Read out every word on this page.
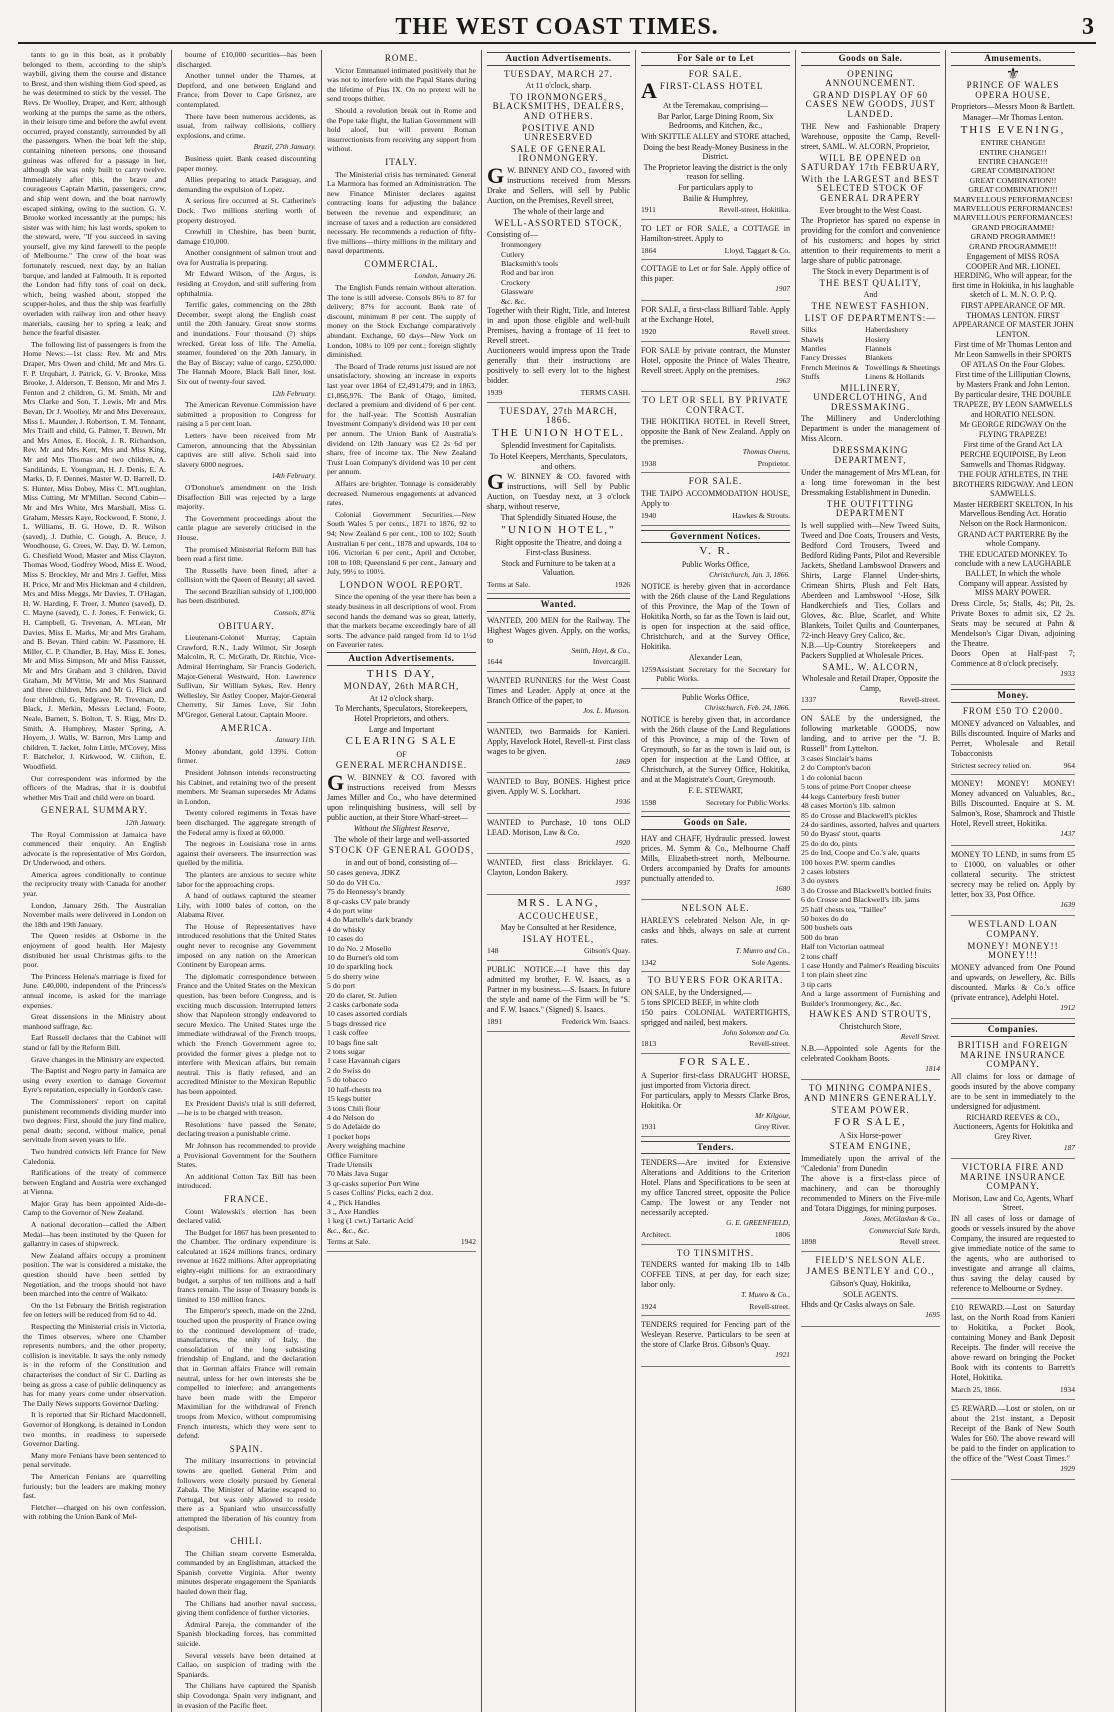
THE WEST COAST TIMES.	3

tants to go in this boat, as it probably belonged to them, according to the ship's waybill, giving them the course and distance to Brest, and then wishing them God speed, as he was determined to stick by the vessel. The Revs. Dr Woolley, Draper, and Kerr, although working at the pumps the same as the others, in their leisure time and before the awful event occurred, prayed constantly, surrounded by all the passengers. When the boat left the ship, containing nineteen persons, one thousand guineas was offered for a passage in her, although she was only built to carry twelve. Immediately after this, the brave and courageous Captain Martin, passengers, crew, and ship went down, and the boat narrowly escaped sinking, owing to the suction. G. V. Brooke worked incessantly at the pumps; his sister was with him; his last words, spoken to the steward, were, "If you succeed in saving yourself, give my kind farewell to the people of Melbourne." The crew of the boat was fortunately rescued, next day, by an Italian barque, and landed at Falmouth. It is reported the London had fifty tons of coal on deck, which, being washed about, stopped the scupper-holes, and thus the ship was fearfully overladen with railway iron and other heavy materials, causing her to spring a leak; and hence the fearful disaster.

The following list of passengers is from the Home News:—1st class: Rev. Mr and Mrs Draper, Mrs Owen and child, Mr and Mrs G. F. P. Urquhart, J. Patrick, G. V. Brooke, Miss Brooke, J. Alderson, T. Benson, Mr and Mrs J. Fenton and 2 children, G. M. Smith, Mr and Mrs Clarke and Son, T. Lewis, Mr and Mrs Bevan, Dr J. Woolley, Mr and Mrs Devereaux, Miss L. Maunder, J. Robertson, T. M. Tennant, Mrs Traill and child, G. Palmer, T. Brown, Mr and Mrs Amos, E. Hocok, J. R. Richardson, Rev. Mr and Mrs Kerr, Mrs and Miss King, Mr and Mrs Thomas and two children, A. Sandilands, E. Youngman, H. J. Denis, E. A. Marks, D. F. Dennes, Master W. D. Barrell, D. S. Hunter, Miss Dobey, Miss C. M'Loughlan, Miss Cutting, Mr M'Millan. Second Cabin—Mr and Mrs White, Mrs Marshall, Miss G. Graham, Messrs Kaye, Rockwood, F. Stone, J. L. Williams, B. G. Howe, D. R. Wilson (saved), J. Duthie, C. Gough, A. Bruce, J. Woodhouse, G. Crees, W. Day, D. W. Lemon, G. Chesfield Wood, Master and Miss Clayton, Thomas Wood, Godfrey Wood, Miss E. Wood, Miss S. Brockley, Mr and Mrs J. Geffet, Miss H. Price, Mr and Mrs Hickman and 4 children, Mrs and Miss Meggs, Mr Davies, T. O'Hagan, H. W. Harding, F. Treer, J. Munro (saved), D. C. Mayne (saved), C. J. Jones, F. Fenwick, G. H. Campbell, G. Trevenan, A. M'Lean, Mr Davies, Miss E. Marks, Mr and Mrs Graham, and B. Bevan. Third cabin: W. Passmore, H. Miller, C. P. Chandler, B. Hay, Miss E. Jones, Mr and Miss Simpson, Mr and Miss Fausset, Mr and Mrs Graham and 3 children, David Graham, Mr M'Vittie, Mr and Mrs Stannard and three children, Mrs and Mr G. Flick and four children, G. Redgrave, R. Trevenan, D. Black, J. Merkin, Messrs Lecland, Foote, Neale, Barnett, S. Bolton, T. S. Rigg, Mrs D. Smith, A. Humphrey, Master Spring, A. Hoyem, J. Walls, W. Barron, Mrs Lamp and children, T. Jacket, John Little, M'Covey, Miss F. Batchelor, J. Kirkwood, W. Clifton, E. Woodfield.

Our correspondent was informed by the officers of the Madras, that it is doubtful whether Mrs Trail and child were on board.

GENERAL SUMMARY.
12th January.

The Royal Commission at Jamaica have commenced their enquiry. An English advocate is the representative of Mrs Gordon, Dr Underwood, and others.

America agrees conditionally to continue the reciprocity treaty with Canada for another year.

London, January 26th. The Australian November mails were delivered in London on the 18th and 19th January.

The Queen resides at Osborne in the enjoyment of good health. Her Majesty distributed her usual Christmas gifts to the poor.

The Princess Helena's marriage is fixed for June. £40,000, independent of the Princess's annual income, is asked for the marriage expenses.

Great dissensions in the Ministry about manhood suffrage, &c.

Earl Russell declares that the Cabinet will stand or fall by the Reform Bill.

Grave changes in the Ministry are expected.

The Baptist and Negro party in Jamaica are using every exertion to damage Governor Eyre's reputation, especially in Gordon's case.

The Commissioners' report on capital punishment recommends dividing murder into two degrees: First, should the jury find malice, penal death; second, without malice, penal servitude from seven years to life.

Two hundred convicts left France for New Caledonia.

Ratifications of the treaty of commerce between England and Austria were exchanged at Vienna.

Major Gray has been appointed Aide-de-Camp to the Governor of New Zealand.

A national decoration—called the Albert Medal—has been instituted by the Queen for gallantry in cases of shipwreck.

New Zealand affairs occupy a prominent position. The war is considered a mistake, the question should have been settled by Negotiation, and the troops should not have been marched into the centre of Waikato.

On the 1st February the British registration fee on letters will be reduced from 6d to 4d.

Respecting the Ministerial crisis in Victoria, the Times observes, where one Chamber represents numbers, and the other property, collision is inevitable. It says the only remedy is in the reform of the Constitution and characterises the conduct of Sir C. Darling as being as gross a case of public delinquency as has for many years come under observation. The Daily News supports Governor Darling.

It is reported that Sir Richard Macdonnell, Governor of Hongkong, is detained in London two months, in readiness to supersede Governor Darling.

Many more Fenians have been sentenced to penal servitude.

The American Fenians are quarrelling furiously; but the leaders are making money fast.

Fletcher—charged on his own confession, with robbing the Union Bank of Mel-

bourne of £10,000 securities—has been discharged.

Another tunnel under the Thames, at Deptford, and one between England and France, from Dover to Cape Grisnez, are contemplated.

There have been numerous accidents, as usual, from railway collisions, colliery explosions, and crime.

Brazil, 27th January.

Business quiet. Bank ceased discounting paper money.

Allies preparing to attack Paraguay, and demanding the expulsion of Lopez.

A serious fire occurred at St. Catherine's Dock. Two millions sterling worth of property destroyed.

Crewhill in Cheshire, has been burnt, damage £10,000.

Another consignment of salmon trout and ova for Australia is preparing.

Mr Edward Wilson, of the Argus, is residing at Croydon, and still suffering from ophthalmia.

Terrific gales, commencing on the 28th December, swept along the English coast until the 20th January. Great snow storms and inundations. Four thousand (?) ships wrecked. Great loss of life. The Amelia, steamer, foundered on the 20th January, in the Bay of Biscay; value of cargo, £250,000. The Hannah Moore, Black Ball liner, lost. Six out of twenty-four saved.

12th February.

The American Revenue Commission have submitted a proposition to Congress for raising a 5 per cent loan.

Letters have been received from Mr Cameron, announcing that the Abyssinian captives are still alive. Scholi said into slavery 6000 negroes.

14th February.

O'Donohue's amendment on the Irish Disaffection Bill was rejected by a large majority.

The Government proceedings about the cattle plague are severely criticised in the House.

The promised Ministerial Reform Bill has been read a first time.

The Russells have been fined, after a collision with the Queen of Beauty; all saved.

The second Brazilian subsidy of 1,100,000 has been distributed.

Consols, 87¼.
OBITUARY.

Lieutenant-Colonel Murray, Captain Crawford, R.N., Lady Wilmot, Sir Joseph Malcolm, R. C. McGrath, Dr. Ritchie, Vice-Admiral Herringham, Sir Francis Goderich, Major-General Westward, Hon. Lawrence Sullivan, Sir William Sykes, Rev. Henry Wellesley, Sir Astley Cooper, Major-General Cherretty, Sir James Love, Sir John M'Gregor, General Latour, Captain Moore.

AMERICA.
January 11th.

Money abundant, gold 139¾. Cotton firmer.

President Johnson intends reconstructing his Cabinet, and retaining two of the present members. Mr Seaman supersedes Mr Adams in London.

Twenty colored regiments in Texas have been discharged. The aggregate strength of the Federal army is fixed at 60,000.

The negroes in Louisiana rose in arms against their overseers. The insurrection was quelled by the militia.

The planters are anxious to secure white labor for the approaching crops.

A band of outlaws captured the steamer Lily, with 1000 bales of cotton, on the Alabama River.

The House of Representatives have introduced resolutions that the United States ought never to recognise any Government imposed on any nation on the American Continent by European arms.

The diplomatic correspondence between France and the United States on the Mexican question, has been before Congress, and is exciting much discussion. Interrupted letters show that Napoleon strongly endeavored to secure Mexico. The United States urge the immediate withdrawal of the French troops, which the French Government agree to, provided the former gives a pledge not to interfere with Mexican affairs, but remain neutral. This is flatly refused, and an accredited Minister to the Mexican Republic has been appointed.

Ex President Davis's trial is still deferred,—he is to be charged with treason.

Resolutions have passed the Senate, declaring treason a punishable crime.

Mr Johnson has recommended to provide a Provisional Government for the Southern States.

An additional Cotton Tax Bill has been introduced.

FRANCE.

Count Walewski's election has been declared valid.

The Budget for 1867 has been presented to the Chamber. The ordinary expenditure is calculated at 1624 millions francs, ordinary revenue at 1622 millions. After appropriating eighty-eight millions for an extraordinary budget, a surplus of ten millions and a half francs remain. The issue of Treasury bonds is limited to 150 million francs.

The Emperor's speech, made on the 22nd, touched upon the prosperity of France owing to the continued development of trade, manufactures, the unity of Italy, the consolidation of the long subsisting friendship of England, and the declaration that in German affairs France will remain neutral, unless for her own interests she be compelled to interfere; and arrangements have been made with the Emperor Maximilian for the withdrawal of French troops from Mexico, without compromising French interests, which they were sent to defend.

SPAIN.

The military insurrections in provincial towns are quelled. General Prim and followers were closely pursued by General Zabala. The Minister of Marine escaped to Portugal, but was only allowed to reside there as a Spaniard who unsuccessfully attempted the liberation of his country from despotism.

CHILI.

The Chilian steam corvette Esmeralda, commanded by an Englishman, attacked the Spanish corvette Virginia. After twenty minutes desperate engagement the Spaniards hauled down their flag.

The Chilians had another naval success, giving them confidence of further victories.

Admiral Pareja, the commander of the Spanish blockading forces, has committed suicide.

Several vessels have been detained at Callao, on suspicion of trading with the Spaniards.

The Chilians have captured the Spanish ship Covodonga. Spain very indignant, and in evasion of the Pacific fleet.

ROME.

Victor Emmanuel intimated positively that he was not to interfere with the Papal States during the lifetime of Pius IX. On no pretext will he send troops thither.

Should a revolution break out in Rome and the Pope take flight, the Italian Government will hold aloof, but will prevent Roman insurrectionists from receiving any support from without.

ITALY.

The Ministerial crisis has terminated. General La Marmora has formed an Administration. The new Finance Minister declares against contracting loans for adjusting the balance between the revenue and expenditure; an increase of taxes and a reduction are considered necessary. He recommends a reduction of fifty-five millions—thirty millions in the military and naval departments.

COMMERCIAL.
London, January 26.

The English Funds remain without alteration. The tone is still adverse. Consols 86¾ to 87 for delivery; 87⅛ for account. Bank rate of discount, minimum 8 per cent. The supply of money on the Stock Exchange comparatively abundant. Exchange, 60 days—New York on London, 108¼ to 109 per cent.; foreign slightly diminished.

The Board of Trade returns just issued are not unsatisfactory, showing an increase in exports last year over 1864 of £2,491,479; and in 1863, £1,866,976. The Bank of Otago, limited, declared a premium and dividend of 6 per cent. for the half-year. The Scottish Australian Investment Company's dividend was 10 per cent per annum. The Union Bank of Australia's dividend on 12th January was £2 2s 6d per share, free of income tax. The New Zealand Trust Loan Company's dividend was 10 per cent per annum.

Affairs are brighter. Tonnage is considerably decreased. Numerous engagements at advanced rates.

Colonial Government Securities.—New South Wales 5 per cents., 1871 to 1876, 92 to 94; New Zealand 6 per cent., 100 to 102; South Australian 6 per cent., 1878 and upwards, 104 to 106. Victorian 6 per cent., April and October, 108 to 108; Queensland 6 per cent., January and July, 99½ to 100½.

LONDON WOOL REPORT.

Since the opening of the year there has been a steady business in all descriptions of wool. From second hands the demand was so great, latterly, that the markets became exceedingly bare of all sorts. The advance paid ranged from 1d to 1½d on Faveurier rates.

Auction Advertisements.
THIS DAY,
MONDAY, 26th MARCH,
At 12 o'clock sharp.
To Merchants, Speculators, Storekeepers, Hotel Proprietors, and others.
Large and Important
CLEARING SALE
OF
GENERAL MERCHANDISE.
G W. BINNEY & CO. favored with instructions received from Messrs James Miller and Co., who have determined upon relinquishing business, will sell by public auction, at their Store Wharf-street—
Without the Slightest Reserve,
The whole of their large and well-assorted
STOCK OF GENERAL GOODS,
in and out of bond, consisting of—
50 cases geneva, JDKZ
50 do do VH Co.
75 do Hennessy's brandy
8 qr-casks CV pale brandy
4 do port wine
4 do Martelle's dark brandy
4 do whisky
10 cases do
10 do No. 2 Mosello
10 do Burnet's old tom
10 do sparkling hock
5 do sherry wine
5 do port
20 do claret, St. Julien
2 casks carbonate soda
10 cases assorted cordials
5 bags dressed rice
1 cask coffee
10 bags fine salt
2 tons sugar
1 case Havannah cigars
2 do Swiss do
5 do tobacco
10 half-chests tea
15 kegs butter
3 tons Chili flour
4 do Nelson do
5 do Adelaide do
1 pocket hops
Avery weighing machine
Office Furniture
Trade Utensils
70 Mats Java Sugar
3 qr-casks superior Port Wine
5 cases Collins' Picks, each 2 doz.
4 ,, Pick Handles
3 ,, Axe Handles
1 keg (1 cwt.) Tartaric Acid
&c., &c., &c.
Terms at Sale.	1942
Auction Advertisements.
TUESDAY, MARCH 27.
At 11 o'clock, sharp.
TO IRONMONGERS, BLACKSMITHS, DEALERS, AND OTHERS.
POSITIVE AND UNRESERVED
SALE OF GENERAL IRONMONGERY.
G W. BINNEY AND CO., favored with instructions received from Messrs Drake and Sellers, will sell by Public Auction, on the Premises, Revell street,
The whole of their large and
WELL-ASSORTED STOCK,
Consisting of—
Ironmongery
Cutlery
Blacksmith's tools
Rod and bar iron
Crockery
Glassware
&c. &c.
Together with their Right, Title, and Interest in and upon those eligible and well-built Premises, having a frontage of 11 feet to Revell street.
Auctioneers would impress upon the Trade generally that their instructions are positively to sell every lot to the highest bidder.
1939	TERMS CASH.
TUESDAY, 27th MARCH, 1866.
THE UNION HOTEL.
Splendid Investment for Capitalists.
To Hotel Keepers, Merchants, Speculators, and others.
G W. BINNEY & CO. favored with instructions, will Sell by Public Auction, on Tuesday next, at 3 o'clock sharp, without reserve,
That Splendidly Situated House, the
"UNION HOTEL,"
Right opposite the Theatre, and doing a First-class Business.
Stock and Furniture to be taken at a Valuation.
Terms at Sale.	1926
Wanted.
WANTED, 200 MEN for the Railway. The Highest Wages given. Apply, on the works, to
Smith, Hoyt, & Co.,
1644	Invercargill.
WANTED RUNNERS for the West Coast Times and Leader. Apply at once at the Branch Office of the paper, to
Jos. L. Munson.
WANTED, two Barmaids for Kanieri. Apply, Havelock Hotel, Revell-st. First class wages to be given.
1869
WANTED to Buy, BONES. Highest price given. Apply W. S. Lockhart.
1936
WANTED to Purchase, 10 tons OLD LEAD. Morison, Law & Co.
1920
WANTED, first class Bricklayer. G. Clayton, London Bakery.
1937
MRS. LANG,
ACCOUCHEUSE,
May be Consulted at her Residence,
ISLAY HOTEL,
148	Gibson's Quay.
PUBLIC NOTICE.—I have this day admitted my brother, F. W. Isaacs, as a Partner in my business.—S. Isaacs. In future the style and name of the Firm will be "S. and F. W. Isaacs." (Signed) S. Isaacs.
1891	Frederick Wm. Isaacs.
For Sale or to Let
FOR SALE.
AFIRST-CLASS HOTEL
At the Teremakau, comprising—
Bar Parlor, Large Dining Room, Six Bedrooms, and Kitchen, &c.,
With SKITTLE ALLEY and STORE attached,
Doing the best Ready-Money Business in the District.
The Proprietor leaving the district is the only reason for selling.
For particulars apply to
Bailie & Humphrey,
1911	Revell-street, Hokitika.
TO LET or FOR SALE, a COTTAGE in Hamilton-street. Apply to
1864	Lloyd, Taggart & Co.
COTTAGE to Let or for Sale. Apply office of this paper.
1907
FOR SALE, a first-class Billiard Table. Apply at the Exchange Hotel,
1920	Revell street.
FOR SALE by private contract, the Munster Hotel, opposite the Prince of Wales Theatre, Revell street. Apply on the premises.
1963
TO LET OR SELL BY PRIVATE CONTRACT.
THE HOKITIKA HOTEL in Revell Street, opposite the Bank of New Zealand. Apply on the premises.
Thomas Owens,
1938	Proprietor.
FOR SALE.
THE TAIPO ACCOMMODATION HOUSE, Apply to
1940	Hawkes & Strouts.
Government Notices.
V. R.
Public Works Office,
Christchurch, Jan. 3, 1866.
NOTICE is hereby given that in accordance with the 26th clause of the Land Regulations of this Province, the Map of the Town of Hokitika North, so far as the Town is laid out, is open for inspection at the said office, Christchurch, and at the Survey Office, Hokitika.
Alexander Lean,
1259 Assistant Secretary for the Secretary for Public Works.
Public Works Office,
Christchurch, Feb. 24, 1866.
NOTICE is hereby given that, in accordance with the 26th clause of the Land Regulations of this Province, a map of the Town of Greymouth, so far as the town is laid out, is open for inspection at the Land Office, at Christchurch, at the Survey Office, Hokitika, and at the Magistrate's Court, Greymouth.
F. E. STEWART,
1598	Secretary for Public Works.
Goods on Sale.
HAY and CHAFF, Hydraulic pressed. lowest prices. M. Symm & Co., Melbourne Chaff Mills, Elizabeth-street north, Melbourne. Orders accompanied by Drafts for amounts punctually attended to.
1680
NELSON ALE.
HARLEY'S celebrated Nelson Ale, in qr-casks and hhds, always on sale at current rates.
T. Munro and Co.,
1342	Sole Agents.
TO BUYERS FOR OKARITA.
ON SALE, by the Undersigned,—
5 tons SPICED BEEF, in white cloth
150 pairs COLONIAL WATERTIGHTS, sprigged and nailed, best makers.
John Solomon and Co.
1813	Revell-street.
FOR SALE.
A Superior first-class DRAUGHT HORSE, just imported from Victoria direct.
For particulars, apply to Messrs Clarke Bros, Hokitika. Or
Mr Kilgour,
1931	Grey River.
Tenders.
TENDERS—Are invited for Extensive Alterations and Additions to the Criterion Hotel. Plans and Specifications to be seen at my office Tancred street, opposite the Police Camp. The lowest or any Tender not necessarily accepted.
G. E. GREENFIELD,
Architect.	1806
TO TINSMITHS.
TENDERS wanted for making 1lb to 14lb COFFEE TINS, at per day, for each size; labor only.
T. Munro & Co.,
1924	Revell-street.
TENDERS required for Fencing part of the Wesleyan Reserve. Particulars to be seen at the store of Clarke Bros. Gibson's Quay.
1921
Goods on Sale.
OPENING ANNOUNCEMENT.
GRAND DISPLAY OF 60 CASES NEW GOODS, JUST LANDED.
THE New and Fashionable Drapery Warehouse, opposite the Camp, Revell-street, SAML. W. ALCORN, Proprietor,
WILL BE OPENED on SATURDAY 17th FEBRUARY,
With the LARGEST and BEST SELECTED STOCK OF GENERAL DRAPERY
Ever brought to the West Coast.
The Proprietor has spared no expense in providing for the comfort and convenience of his customers; and hopes by strict attention to their requirements to merit a large share of public patronage.
The Stock in every Department is of
THE BEST QUALITY,
And
THE NEWEST FASHION.
LIST OF DEPARTMENTS:—
Silks
Shawls
Mantles
Fancy Dresses
French Merinos &
Stuffs
Haberdashery
Hosiery
Flannels
Blankets
Towellings & Sheetings
Linens & Hollands
MILLINERY, UNDERCLOTHING, And DRESSMAKING.
The Millinery and Underclothing Department is under the management of Miss Alcorn.
DRESSMAKING DEPARTMENT,
Under the management of Mrs M'Lean, for a long time forewoman in the best Dressmaking Establishment in Dunedin.
THE OUTFITTING DEPARTMENT
Is well supplied with—New Tweed Suits, Tweed and Doe Coats, Trousers and Vests, Bedford Cord Trousers, Tweed and Bedford Riding Pants, Pilot and Reversible Jackets, Shetland Lambswool Drawers and Shirts, Large Flannel Under-shirts, Crimean Shirts, Plush and Felt Hats, Aberdeen and Lambswool ‘-Hose, Silk Handkerchiefs and Ties, Collars and Gloves, &c. Blue, Scarlet, and White Blankets, Toilet Quilts and Counterpanes, 72-inch Heavy Grey Calico, &c.
N.B.—Up-Country Storekeepers and Packers Supplied at Wholesale Prices.
SAML. W. ALCORN,
Wholesale and Retail Draper, Opposite the Camp,
1337	Revell-street.
ON SALE by the undersigned, the following marketable GOODS, now landing, and to arrive per the "J. B. Russell" from Lyttelton.
3 cases Sinclair's hams
2 do Compton's bacon
1 do colonial bacon
5 tons of prime Port Cooper cheese
44 kegs Canterbury fresh butter
48 cases Morton's 1lb. salmon
85 do Crosse and Blackwell's pickles
24 do sardines, assorted, halves and quarters
50 do Byass' stout, quarts
25 do do do, pints
25 do Ind, Coope and Co.'s ale, quarts
100 boxes P.W. sperm candles
2 cases lobsters
3 do oysters
3 do Crosse and Blackwell's bottled fruits
6 do Crosse and Blackwell's 1lb. jams
25 half chests tea, "Taillee"
50 boxes do do
500 bushels oats
500 do bran
Half ton Victorian oatmeal
2 tons chaff
1 case Huntly and Palmer's Reading biscuits
1 ton plain sheet zinc
3 tip carts
And a large assortment of Furnishing and Builder's Ironmongery, &c., &c.
HAWKES AND STROUTS,
Christchurch Store,
Revell Street.
N.B.—Appointed sole Agents for the celebrated Cookham Boots.
1814
TO MINING COMPANIES, AND MINERS GENERALLY.
STEAM POWER.
FOR SALE,
A Six Horse-power
STEAM ENGINE,
Immediately upon the arrival of the "Caledonia" from Dunedin
The above is a first-class piece of machinery, and can be thoroughly recommended to Miners on the Five-mile and Totara Diggings, for mining purposes.
Jones, McGlashan & Co.,
Commercial Sale Yards,
1898	Revell street.
FIELD'S NELSON ALE.
JAMES BENTLEY and CO.,
Gibson's Quay, Hokitika,
SOLE AGENTS.
Hhds and Qr Casks always on Sale.
1695
Amusements.
⚜
PRINCE OF WALES OPERA HOUSE.
Proprietors—Messrs Moon & Bartlett.
Manager—Mr Thomas Lenton.
THIS EVENING,
ENTIRE CHANGE!
ENTIRE CHANGE!!
ENTIRE CHANGE!!!
GREAT COMBINATION!
GREAT COMBINATION!!
GREAT COMBINATION!!!
MARVELLOUS PERFORMANCES!
MARVELLOUS PERFORMANCES!
MARVELLOUS PERFORMANCES!
GRAND PROGRAMME!
GRAND PROGRAMME!!
GRAND PROGRAMME!!!
Engagement of MISS ROSA COOPER And MR. LIONEL HERDING, Who will appear, for the first time in Hokitika, in his laughable sketch of L. M. N. O. P. Q.
FIRST APPEARANCE OF MR. THOMAS LENTON. FIRST APPEARANCE OF MASTER JOHN LENTON.
First time of Mr Thomas Lenton and Mr Leon Samwells in their SPORTS OF ATLAS On the Four Globes.
First time of the Lilliputian Clowns, by Masters Frank and John Lenton.
By particular desire, THE DOUBLE TRAPEZE, BY LEON SAMWELLS and HORATIO NELSON.
Mr GEORGE RIDGWAY On the FLYING TRAPEZE!
First time of the Grand Act LA PERCHE EQUIPOISE, By Leon Samwells and Thomas Ridgway.
THE FOUR ATHLETES, IN THE BROTHERS RIDGWAY. And LEON SAMWELLS.
Master HERBERT SKELTON, In his Marvellous Bending Act. Horatio Nelson on the Rock Harmonicon.
GRAND ACT PARTERRE By the whole Company.
THE EDUCATED MONKEY. To conclude with a new LAUGHABLE BALLET, In which the whole Company will appear. Assisted by MISS MARY POWER.
Dress Circle, 5s; Stalls, 4s; Pit, 2s. Private Boxes to admit six, £2 2s. Seats may be secured at Pahn & Mendelson's Cigar Divan, adjoining the Theatre.
Doors Open at Half-past 7; Commence at 8 o'clock precisely.
1933
Money.
FROM £50 TO £2000.
MONEY advanced on Valuables, and Bills discounted. Inquire of Marks and Perret, Wholesale and Retail Tobacconists
Strictest secrecy relied on.	964
MONEY! MONEY! MONEY! Money advanced on Valuables, &c., Bills Discounted. Enquire at S. M. Salmon's, Rose, Shamrock and Thistle Hotel, Revell street, Hokitika.
1437
MONEY TO LEND, in sums from £5 to £1000, on valuables or other collateral security. The strictest secrecy may be relied on. Apply by letter, box 33, Post Office.
1639
WESTLAND LOAN COMPANY.
MONEY! MONEY!! MONEY!!!
MONEY advanced from One Pound and upwards, on Jewellery, &c. Bills discounted. Marks & Co.'s office (private entrance), Adelphi Hotel.
1912
Companies.
BRITISH and FOREIGN MARINE INSURANCE COMPANY.
All claims for loss or damage of goods insured by the above company are to be sent in immediately to the undersigned for adjustment.
RICHARD REEVES & CO., Auctioneers, Agents for Hokitika and Grey River.
187
VICTORIA FIRE AND MARINE INSURANCE COMPANY.
Morison, Law and Co, Agents, Wharf Street.
IN all cases of loss or damage of goods or vessels insured by the above Company, the insured are requested to give immediate notice of the same to the agents, who are authorised to investigate and arrange all claims, thus saving the delay caused by reference to Melbourne or Sydney.
£10 REWARD.—Lost on Saturday last, on the North Road from Kanieri to Hokitika, a Pocket Book, containing Money and Bank Deposit Receipts. The finder will receive the above reward on bringing the Pocket Book with its contents to Barrett's Hotel, Hokitika.
March 25, 1866.	1934
£5 REWARD.—Lost or stolen, on or about the 21st instant, a Deposit Receipt of the Bank of New South Wales for £60. The above reward will be paid to the finder on application to the office of the "West Coast Times."
1929
